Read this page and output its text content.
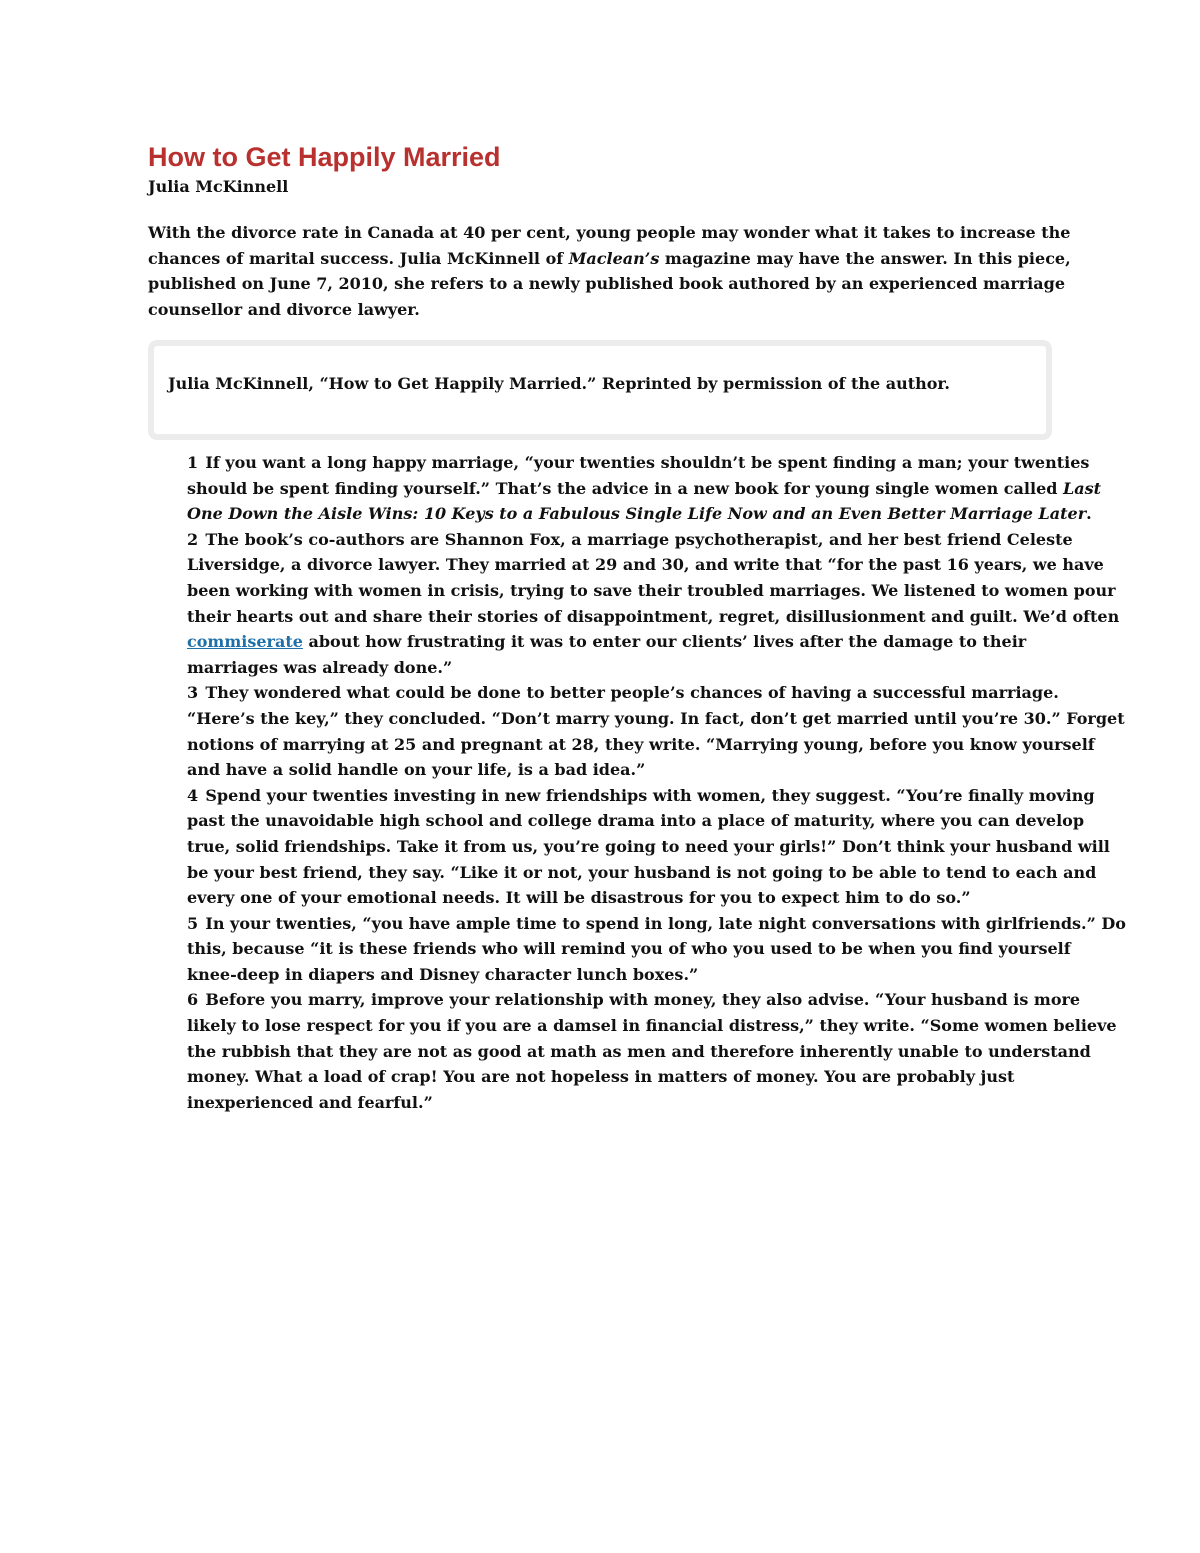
How to Get Happily Married

Julia McKinnell

With the divorce rate in Canada at 40 per cent, young people may wonder what it takes to increase the
chances of marital success. Julia McKinnell of Maclean’s magazine may have the answer. In this piece,
published on June 7, 2010, she refers to a newly published book authored by an experienced marriage
counsellor and divorce lawyer.

Julia McKinnell, “How to Get Happily Married.” Reprinted by permission of the author.

1 If you want a long happy marriage, “your twenties shouldn’t be spent finding a man; your twenties
should be spent finding yourself.” That’s the advice in a new book for young single women called Last
One Down the Aisle Wins: 10 Keys to a Fabulous Single Life Now and an Even Better Marriage Later.
2 The book’s co-authors are Shannon Fox, a marriage psychotherapist, and her best friend Celeste
Liversidge, a divorce lawyer. They married at 29 and 30, and write that “for the past 16 years, we have
been working with women in crisis, trying to save their troubled marriages. We listened to women pour
their hearts out and share their stories of disappointment, regret, disillusionment and guilt. We’d often
commiserate about how frustrating it was to enter our clients’ lives after the damage to their
marriages was already done.”
3 They wondered what could be done to better people’s chances of having a successful marriage.
“Here’s the key,” they concluded. “Don’t marry young. In fact, don’t get married until you’re 30.” Forget
notions of marrying at 25 and pregnant at 28, they write. “Marrying young, before you know yourself
and have a solid handle on your life, is a bad idea.”
4 Spend your twenties investing in new friendships with women, they suggest. “You’re finally moving
past the unavoidable high school and college drama into a place of maturity, where you can develop
true, solid friendships. Take it from us, you’re going to need your girls!” Don’t think your husband will
be your best friend, they say. “Like it or not, your husband is not going to be able to tend to each and
every one of your emotional needs. It will be disastrous for you to expect him to do so.”
5 In your twenties, “you have ample time to spend in long, late night conversations with girlfriends.” Do
this, because “it is these friends who will remind you of who you used to be when you find yourself
knee-deep in diapers and Disney character lunch boxes.”
6 Before you marry, improve your relationship with money, they also advise. “Your husband is more
likely to lose respect for you if you are a damsel in financial distress,” they write. “Some women believe
the rubbish that they are not as good at math as men and therefore inherently unable to understand
money. What a load of crap! You are not hopeless in matters of money. You are probably just
inexperienced and fearful.”
